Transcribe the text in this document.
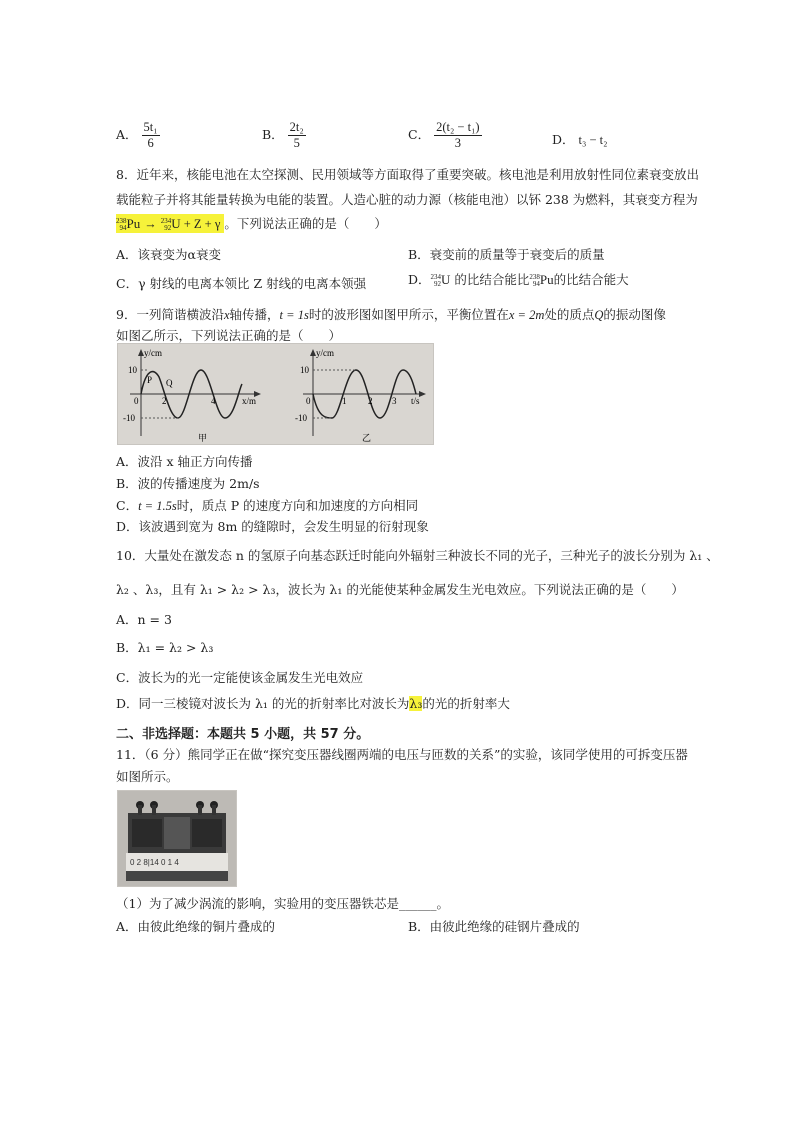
A． $\frac{\text{5t₁}}{6}$	B． $\frac{\text{2t₂}}{5}$	C． $\frac{\text{2(t₂ − t₁)}}{3}$	D． t₃ − t₂
8．近年来，核能电池在太空探测、民用领域等方面取得了重要突破。核电池是利用放射性同位素衰变放出
载能粒子并将其能量转换为电能的装置。人造心脏的动力源（核能电池）以钚 238 为燃料，其衰变方程为
238
94Pu → 234
92U + Z + γ 。下列说法正确的是（　　）
A．该衰变为α衰变	B．衰变前的质量等于衰变后的质量
C．γ 射线的电离本领比 Z 射线的电离本领强	D．234
92U 的比结合能比238
94Pu的比结合能大
9．一列简谐横波沿x轴传播，t = 1s时的波形图如图甲所示，平衡位置在x = 2m处的质点Q的振动图像
如图乙所示，下列说法正确的是（　　）
y/cm
x/m
10
-10
0	2	4
P Q
甲
y/cm
t/s
10
-10
0	1 2 3
乙
A．波沿 x 轴正方向传播
B．波的传播速度为 2m/s
C．t = 1.5s时，质点 P 的速度方向和加速度的方向相同
D．该波遇到宽为 8m 的缝隙时，会发生明显的衍射现象
10．大量处在激发态 n 的氢原子向基态跃迁时能向外辐射三种波长不同的光子，三种光子的波长分别为 λ₁ 、
λ₂ 、λ₃，且有 λ₁ > λ₂ > λ₃，波长为 λ₁ 的光能使某种金属发生光电效应。下列说法正确的是（　　）
A．n = 3
B．λ₁ = λ₂ > λ₃
C．波长为的光一定能使该金属发生光电效应
D．同一三棱镜对波长为 λ₁ 的光的折射率比对波长为λ₃的光的折射率大
二、非选择题：本题共 5 小题，共 57 分。
11．（6 分）熊同学正在做“探究变压器线圈两端的电压与匝数的关系”的实验，该同学使用的可拆变压器
如图所示。
0 2 8|14 0 1 4
（1）为了减少涡流的影响，实验用的变压器铁芯是______。
A．由彼此绝缘的铜片叠成的	B．由彼此绝缘的硅钢片叠成的
